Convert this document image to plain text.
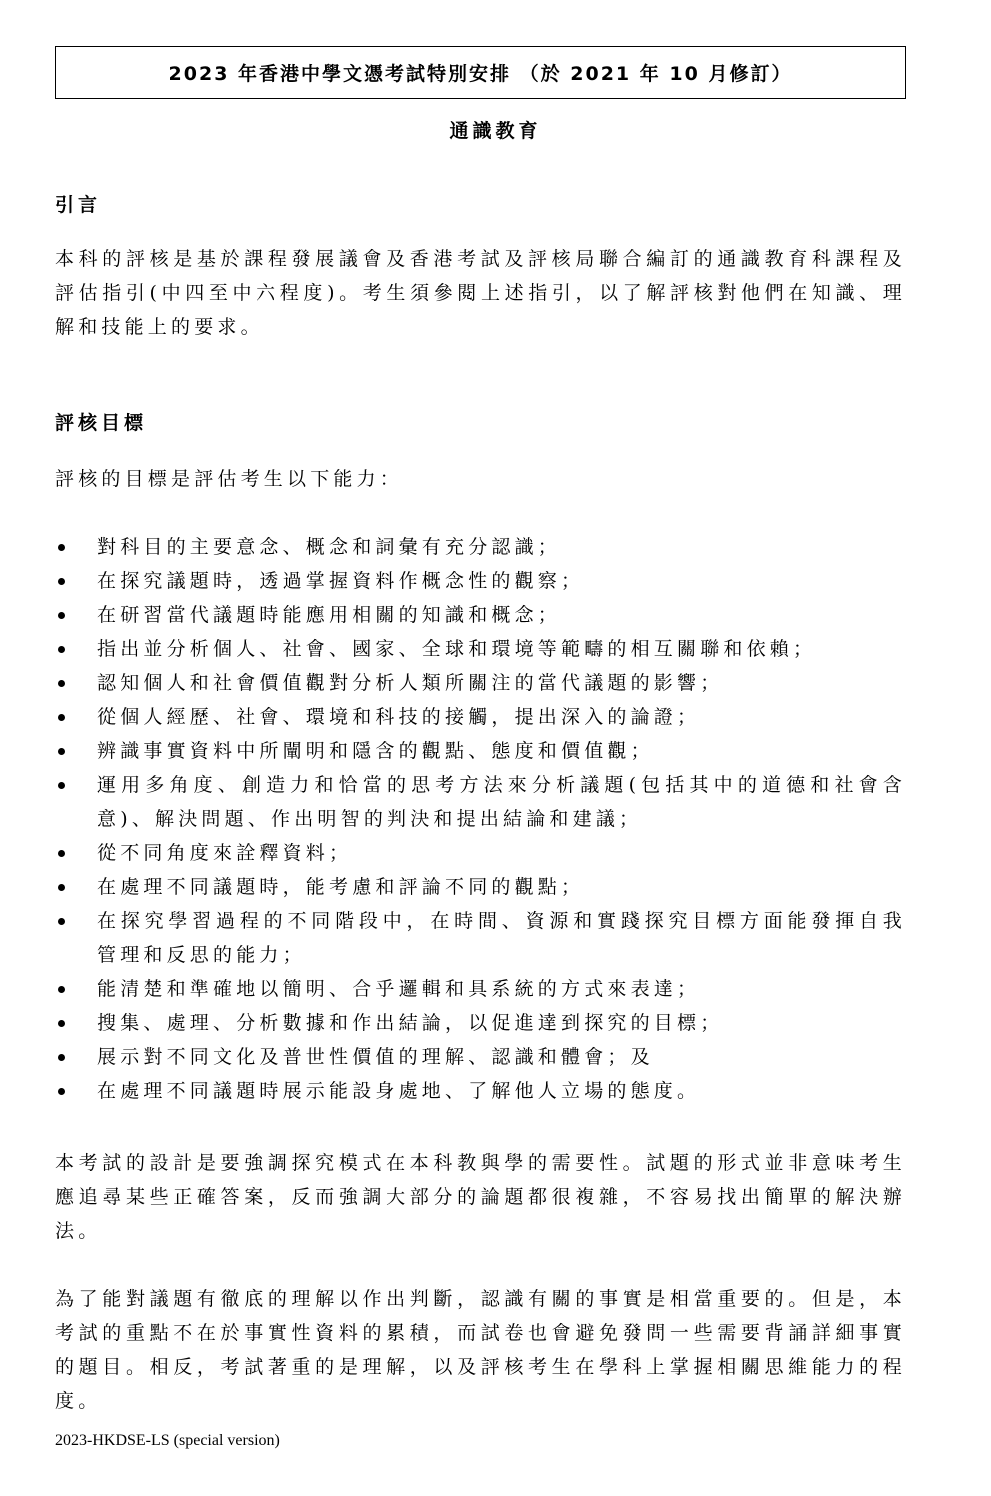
2023 年香港中學文憑考試特別安排 （於 2021 年 10 月修訂）
通識教育
引言

本科的評核是基於課程發展議會及香港考試及評核局聯合編訂的通識教育科課程及評估指引(中四至中六程度)。考生須參閱上述指引，以了解評核對他們在知識、理解和技能上的要求。

評核目標

評核的目標是評估考生以下能力：

對科目的主要意念、概念和詞彙有充分認識；
在探究議題時，透過掌握資料作概念性的觀察；
在研習當代議題時能應用相關的知識和概念；
指出並分析個人、社會、國家、全球和環境等範疇的相互關聯和依賴；
認知個人和社會價值觀對分析人類所關注的當代議題的影響；
從個人經歷、社會、環境和科技的接觸，提出深入的論證；
辨識事實資料中所闡明和隱含的觀點、態度和價值觀；
運用多角度、創造力和恰當的思考方法來分析議題(包括其中的道德和社會含意)、解決問題、作出明智的判決和提出結論和建議；
從不同角度來詮釋資料；
在處理不同議題時，能考慮和評論不同的觀點；
在探究學習過程的不同階段中，在時間、資源和實踐探究目標方面能發揮自我管理和反思的能力；
能清楚和準確地以簡明、合乎邏輯和具系統的方式來表達；
搜集、處理、分析數據和作出結論，以促進達到探究的目標；
展示對不同文化及普世性價值的理解、認識和體會；及
在處理不同議題時展示能設身處地、了解他人立場的態度。

本考試的設計是要強調探究模式在本科教與學的需要性。試題的形式並非意味考生應追尋某些正確答案，反而強調大部分的論題都很複雜，不容易找出簡單的解決辦法。

為了能對議題有徹底的理解以作出判斷，認識有關的事實是相當重要的。但是，本考試的重點不在於事實性資料的累積，而試卷也會避免發問一些需要背誦詳細事實的題目。相反，考試著重的是理解，以及評核考生在學科上掌握相關思維能力的程度。

2023-HKDSE-LS (special version)
